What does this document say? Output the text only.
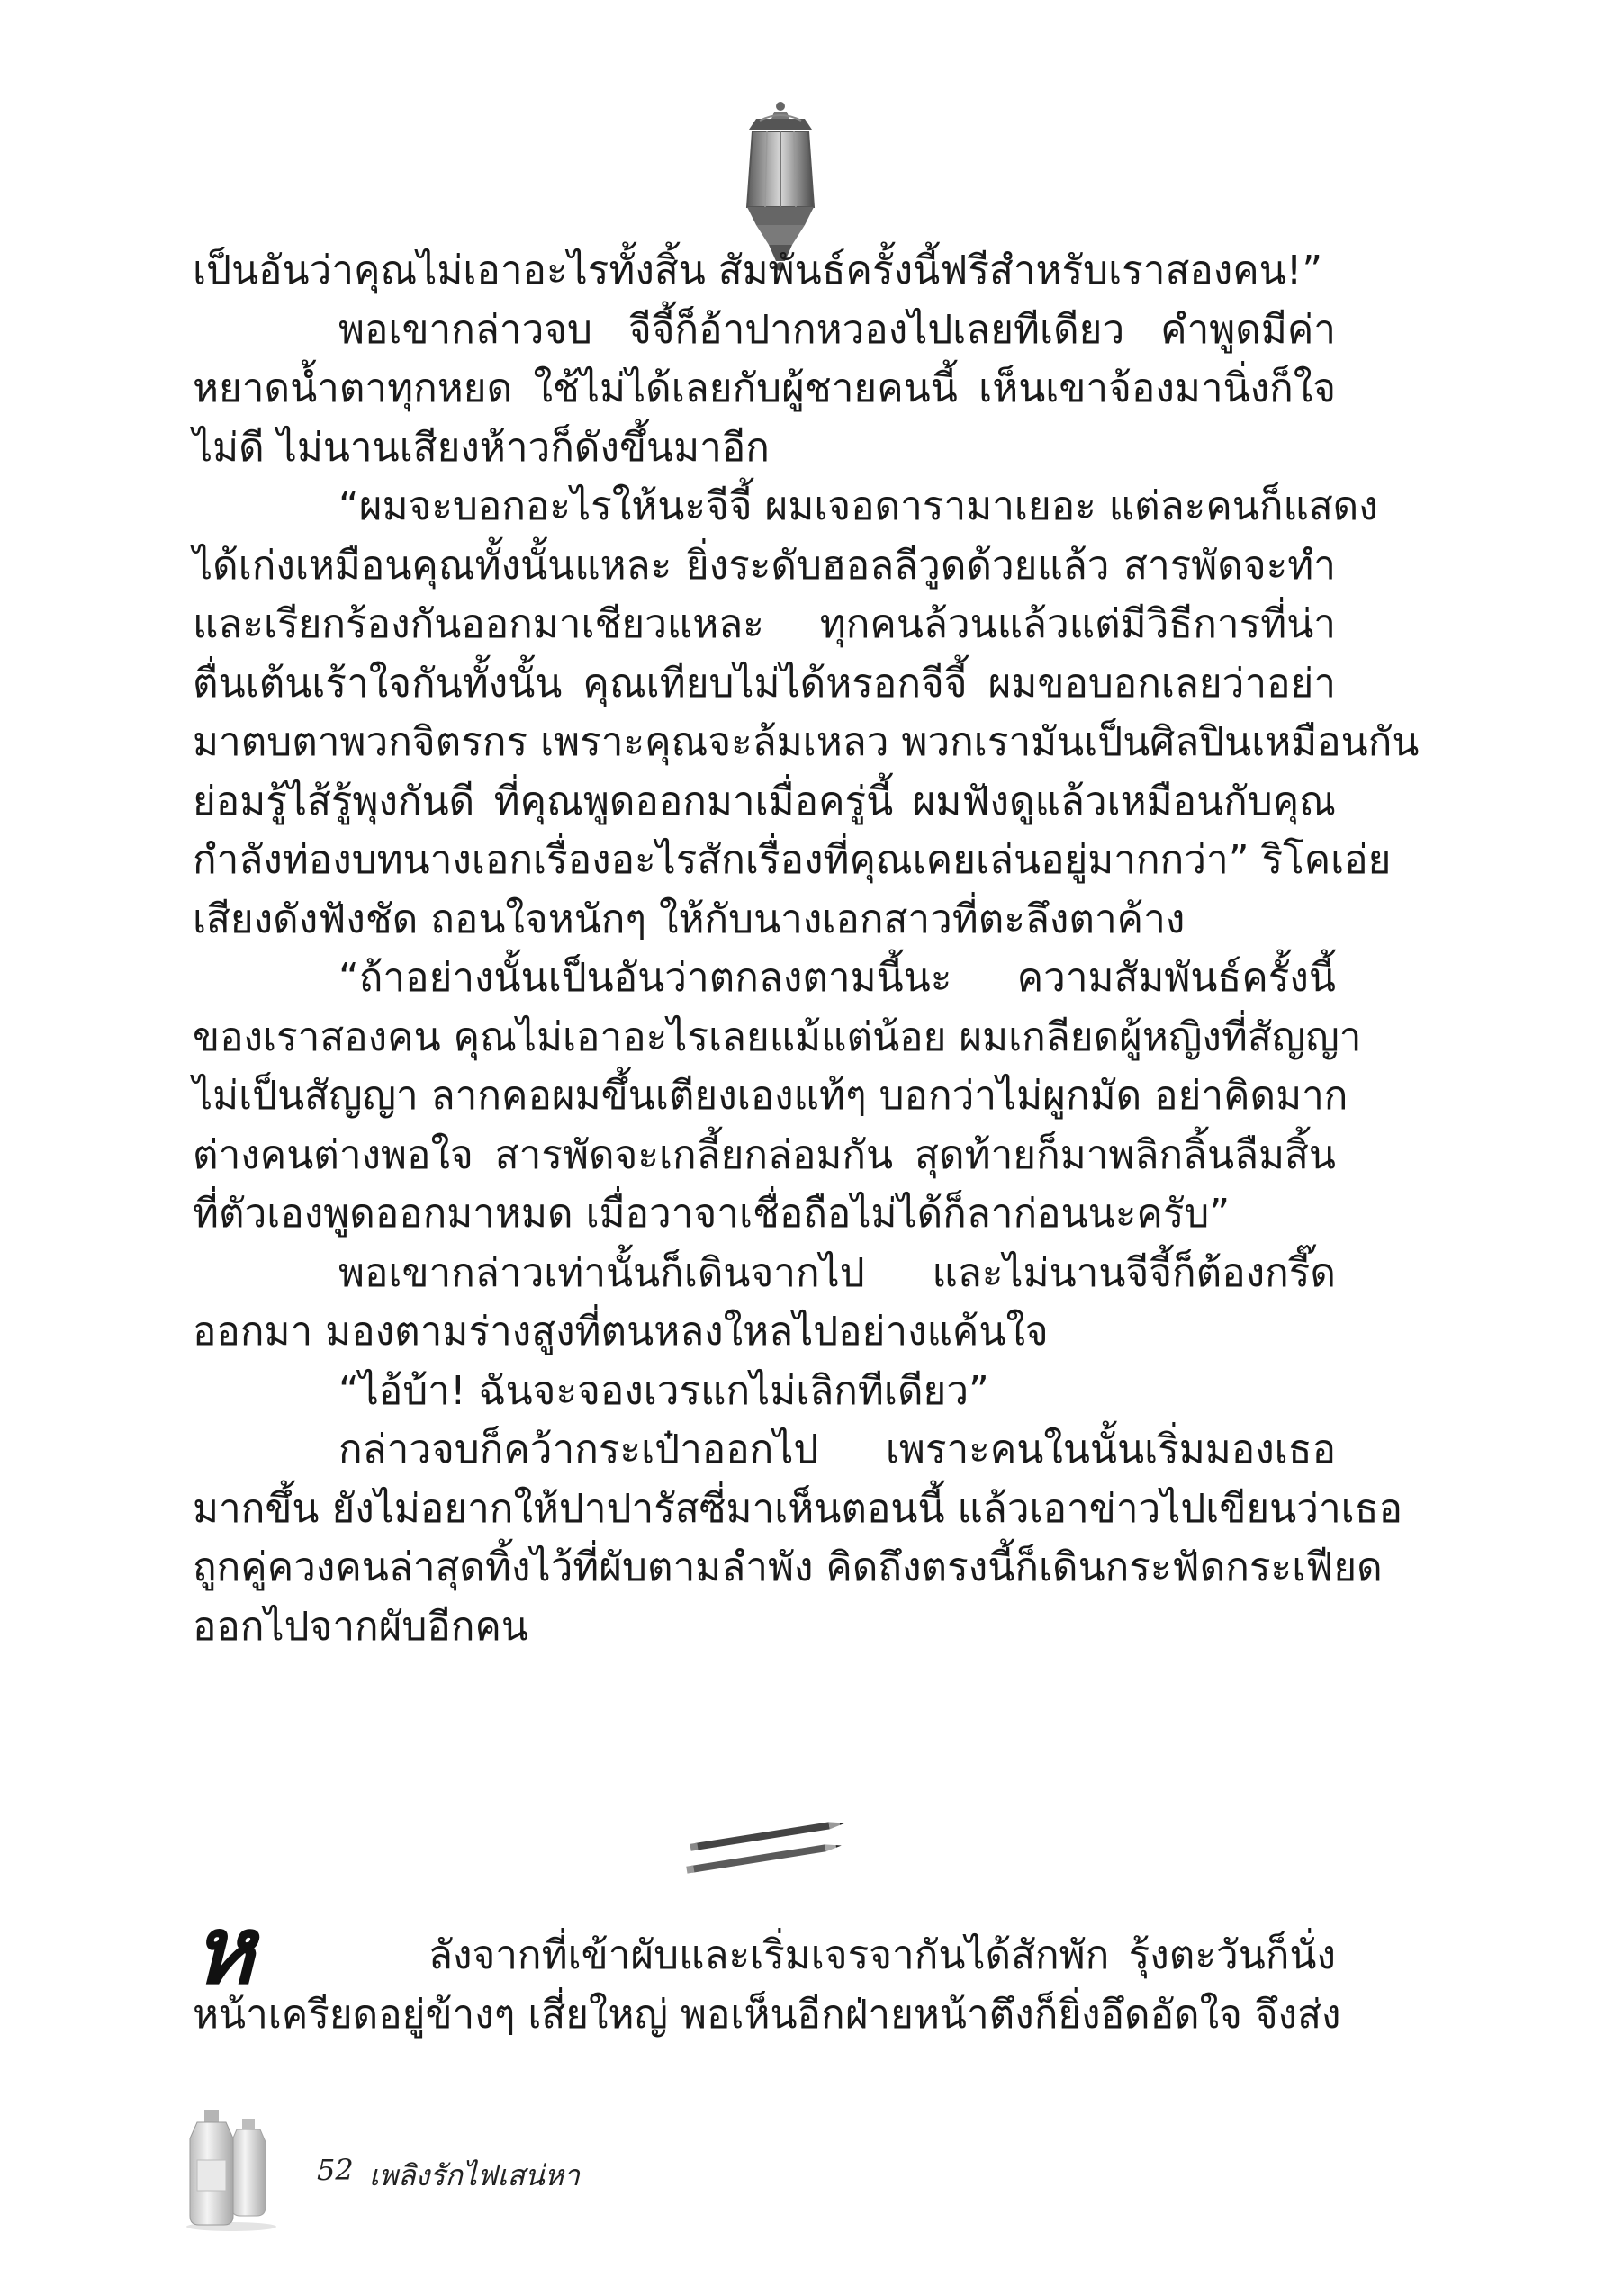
เป็นอันว่าคุณไม่เอาอะไรทั้งสิ้น สัมพันธ์ครั้งนี้ฟรีสำหรับเราสองคน!”
พอเขากล่าวจบ จีจี้ก็อ้าปากหวองไปเลยทีเดียว คำพูดมีค่า
หยาดน้ำตาทุกหยด ใช้ไม่ได้เลยกับผู้ชายคนนี้ เห็นเขาจ้องมานิ่งก็ใจ
ไม่ดี ไม่นานเสียงห้าวก็ดังขึ้นมาอีก
“ผมจะบอกอะไรให้นะจีจี้ ผมเจอดารามาเยอะ แต่ละคนก็แสดง
ได้เก่งเหมือนคุณทั้งนั้นแหละ ยิ่งระดับฮอลลีวูดด้วยแล้ว สารพัดจะทำ
และเรียกร้องกันออกมาเชียวแหละ ทุกคนล้วนแล้วแต่มีวิธีการที่น่า
ตื่นเต้นเร้าใจกันทั้งนั้น คุณเทียบไม่ได้หรอกจีจี้ ผมขอบอกเลยว่าอย่า
มาตบตาพวกจิตรกร เพราะคุณจะล้มเหลว พวกเรามันเป็นศิลปินเหมือนกัน
ย่อมรู้ไส้รู้พุงกันดี ที่คุณพูดออกมาเมื่อครู่นี้ ผมฟังดูแล้วเหมือนกับคุณ
กำลังท่องบทนางเอกเรื่องอะไรสักเรื่องที่คุณเคยเล่นอยู่มากกว่า” ริโคเอ่ย
เสียงดังฟังชัด ถอนใจหนักๆ ให้กับนางเอกสาวที่ตะลึงตาค้าง
“ถ้าอย่างนั้นเป็นอันว่าตกลงตามนี้นะ ความสัมพันธ์ครั้งนี้
ของเราสองคน คุณไม่เอาอะไรเลยแม้แต่น้อย ผมเกลียดผู้หญิงที่สัญญา
ไม่เป็นสัญญา ลากคอผมขึ้นเตียงเองแท้ๆ บอกว่าไม่ผูกมัด อย่าคิดมาก
ต่างคนต่างพอใจ สารพัดจะเกลี้ยกล่อมกัน สุดท้ายก็มาพลิกลิ้นลืมสิ้น
ที่ตัวเองพูดออกมาหมด เมื่อวาจาเชื่อถือไม่ได้ก็ลาก่อนนะครับ”
พอเขากล่าวเท่านั้นก็เดินจากไป และไม่นานจีจี้ก็ต้องกรี๊ด
ออกมา มองตามร่างสูงที่ตนหลงใหลไปอย่างแค้นใจ
“ไอ้บ้า! ฉันจะจองเวรแกไม่เลิกทีเดียว”
กล่าวจบก็คว้ากระเป๋าออกไป เพราะคนในนั้นเริ่มมองเธอ
มากขึ้น ยังไม่อยากให้ปาปารัสซี่มาเห็นตอนนี้ แล้วเอาข่าวไปเขียนว่าเธอ
ถูกคู่ควงคนล่าสุดทิ้งไว้ที่ผับตามลำพัง คิดถึงตรงนี้ก็เดินกระฟัดกระเฟียด
ออกไปจากผับอีกคน
ห	ลังจากที่เข้าผับและเริ่มเจรจากันได้สักพัก รุ้งตะวันก็นั่ง
หน้าเครียดอยู่ข้างๆ เสี่ยใหญ่ พอเห็นอีกฝ่ายหน้าตึงก็ยิ่งอึดอัดใจ จึงส่ง
52 เพลิงรักไฟเสน่หา
